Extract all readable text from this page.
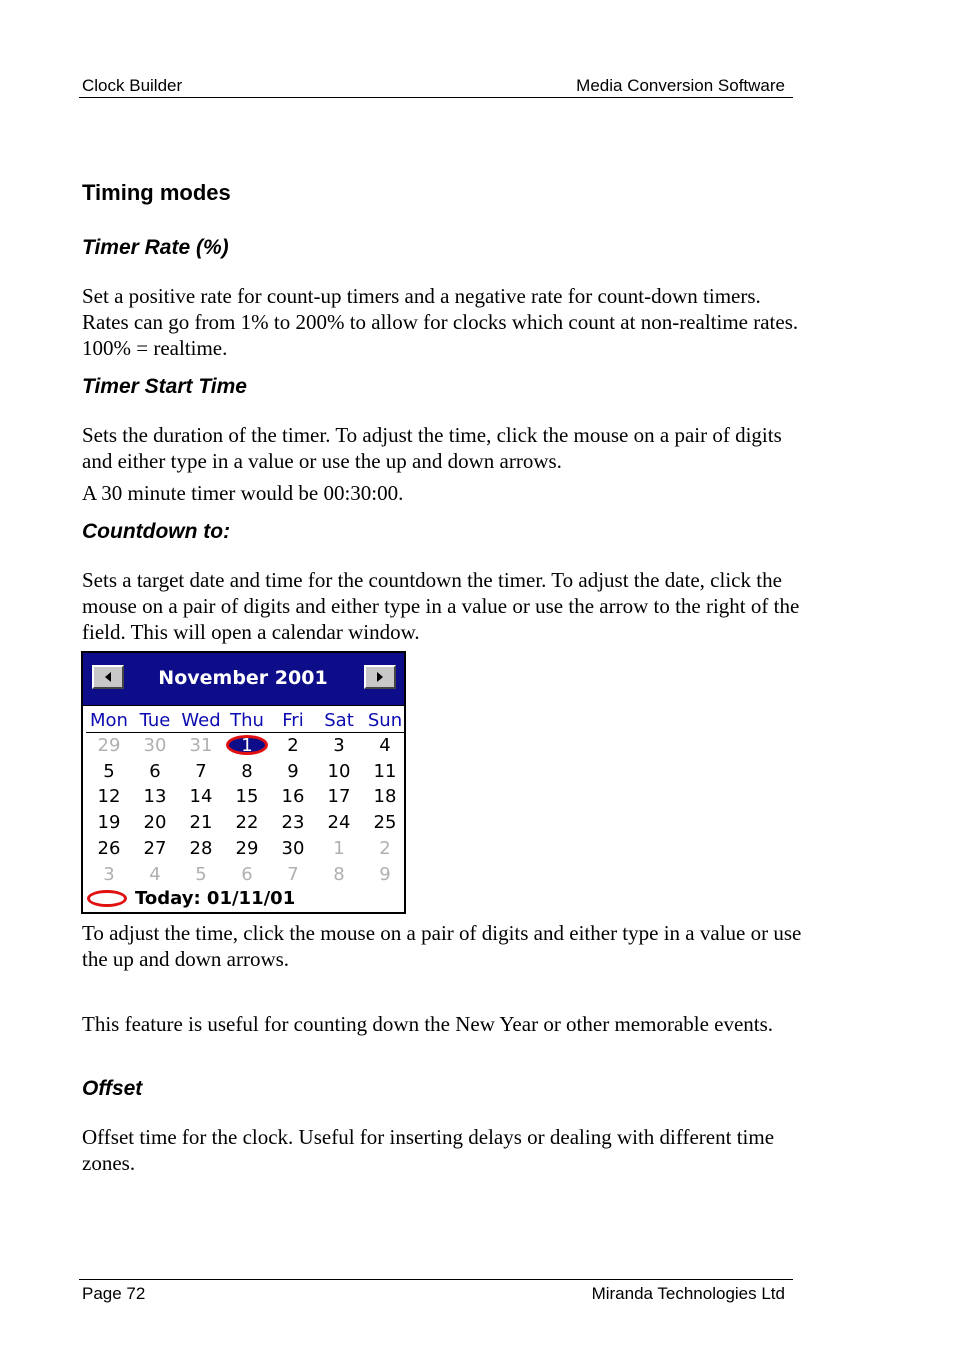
Clock Builder	Media Conversion Software
Timing modes
Timer Rate (%)

Set a positive rate for count-up timers and a negative rate for count-down timers. Rates can go from 1% to 200% to allow for clocks which count at non-realtime rates. 100% = realtime.

Timer Start Time

Sets the duration of the timer. To adjust the time, click the mouse on a pair of digits and either type in a value or use the up and down arrows.

A 30 minute timer would be 00:30:00.

Countdown to:

Sets a target date and time for the countdown the timer. To adjust the date, click the mouse on a pair of digits and either type in a value or use the arrow to the right of the field. This will open a calendar window.

November 2001
Mon Tue Wed Thu	Fri	Sat Sun
29	30	31	1	2	3	4
5	6	7	8	9	10	11
12	13	14	15	16	17	18
19	20	21	22	23	24	25
26	27	28	29	30	1	2
3	4	5	6	7	8	9
Today: 01/11/01

To adjust the time, click the mouse on a pair of digits and either type in a value or use the up and down arrows.

This feature is useful for counting down the New Year or other memorable events.

Offset

Offset time for the clock. Useful for inserting delays or dealing with different time zones.

Page 72	Miranda Technologies Ltd
